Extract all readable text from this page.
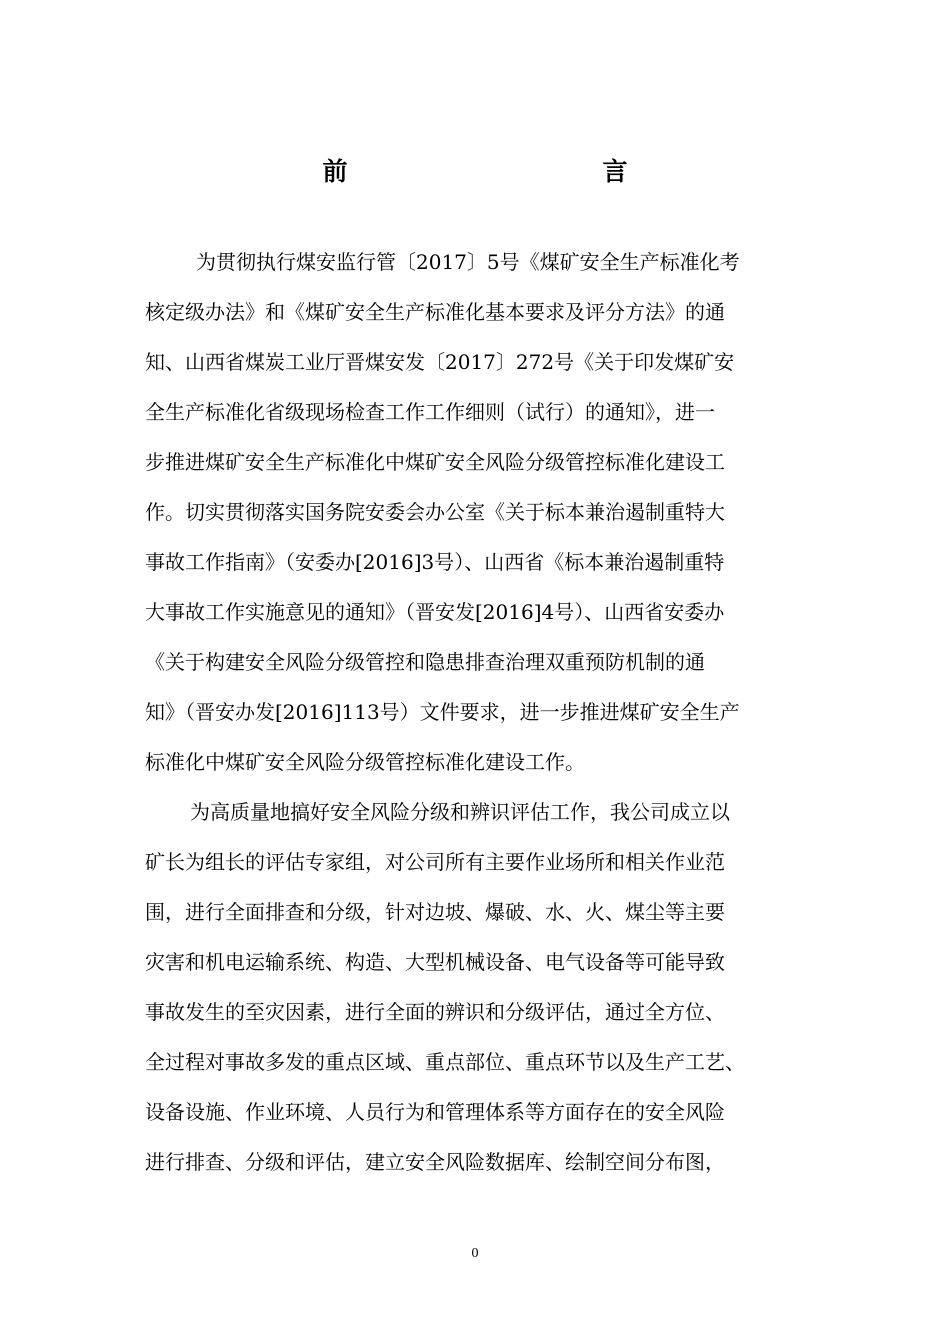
前　言
为贯彻执行煤安监行管〔2017〕5号《煤矿安全生产标准化考
核定级办法》和《煤矿安全生产标准化基本要求及评分方法》的通
知、山西省煤炭工业厅晋煤安发〔2017〕272号《关于印发煤矿安
全生产标准化省级现场检查工作工作细则（试行）的通知》，进一
步推进煤矿安全生产标准化中煤矿安全风险分级管控标准化建设工
作。切实贯彻落实国务院安委会办公室《关于标本兼治遏制重特大
事故工作指南》（安委办[2016]3号）、山西省《标本兼治遏制重特
大事故工作实施意见的通知》（晋安发[2016]4号）、山西省安委办
《关于构建安全风险分级管控和隐患排查治理双重预防机制的通
知》（晋安办发[2016]113号）文件要求，进一步推进煤矿安全生产
标准化中煤矿安全风险分级管控标准化建设工作。
为高质量地搞好安全风险分级和辨识评估工作，我公司成立以
矿长为组长的评估专家组，对公司所有主要作业场所和相关作业范
围，进行全面排查和分级，针对边坡、爆破、水、火、煤尘等主要
灾害和机电运输系统、构造、大型机械设备、电气设备等可能导致
事故发生的至灾因素，进行全面的辨识和分级评估，通过全方位、
全过程对事故多发的重点区域、重点部位、重点环节以及生产工艺、
设备设施、作业环境、人员行为和管理体系等方面存在的安全风险
进行排查、分级和评估，建立安全风险数据库、绘制空间分布图，
0
